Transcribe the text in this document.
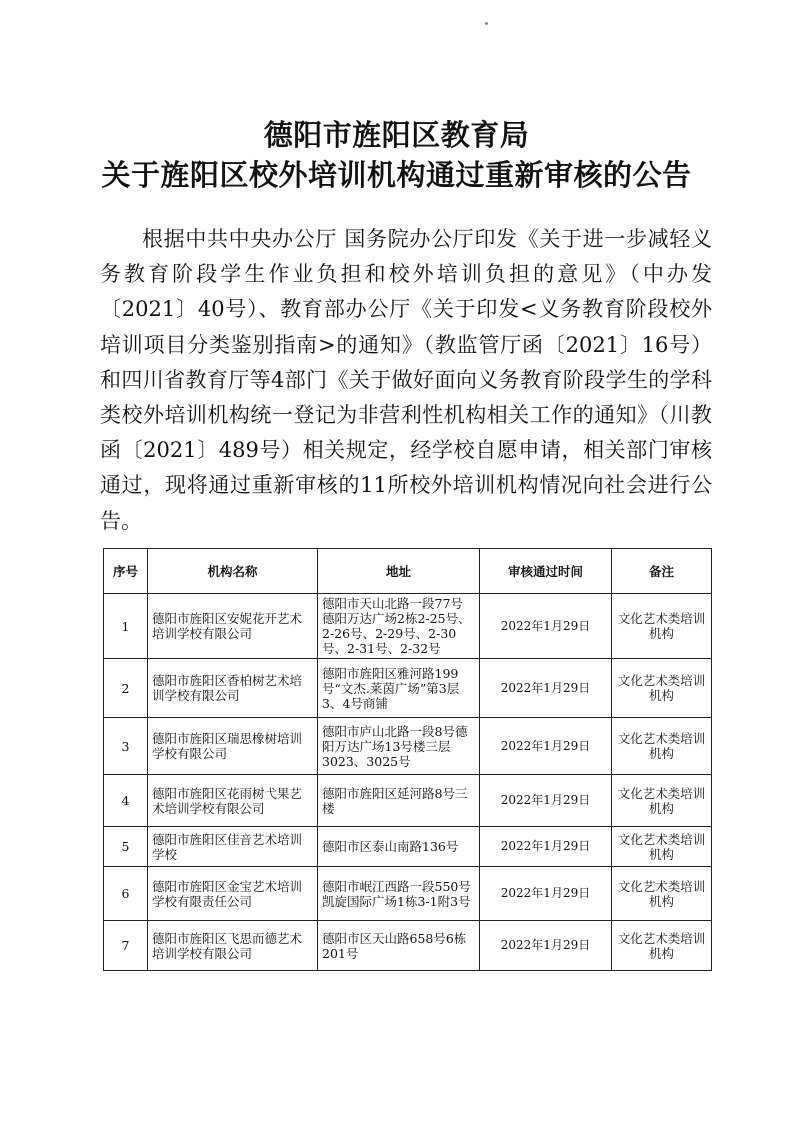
德阳市旌阳区教育局
关于旌阳区校外培训机构通过重新审核的公告

根据中共中央办公厅 国务院办公厅印发《关于进一步减轻义务教育阶段学生作业负担和校外培训负担的意见》（中办发〔2021〕40号）、教育部办公厅《关于印发<义务教育阶段校外培训项目分类鉴别指南>的通知》（教监管厅函〔2021〕16号）和四川省教育厅等4部门《关于做好面向义务教育阶段学生的学科类校外培训机构统一登记为非营利性机构相关工作的通知》（川教函〔2021〕489号）相关规定，经学校自愿申请，相关部门审核通过，现将通过重新审核的11所校外培训机构情况向社会进行公告。

序号	机构名称	地址	审核通过时间	备注
1	德阳市旌阳区安妮花开艺术培训学校有限公司	德阳市天山北路一段77号德阳万达广场2栋2-25号、2-26号、2-29号、2-30号、2-31号、2-32号	2022年1月29日	文化艺术类培训机构
2	德阳市旌阳区香柏树艺术培训学校有限公司	德阳市旌阳区雅河路199号“文杰.莱茵广场”第3层3、4号商铺	2022年1月29日	文化艺术类培训机构
3	德阳市旌阳区瑞思橡树培训学校有限公司	德阳市庐山北路一段8号德阳万达广场13号楼三层3023、3025号	2022年1月29日	文化艺术类培训机构
4	德阳市旌阳区花雨树弋果艺术培训学校有限公司	德阳市旌阳区延河路8号三楼	2022年1月29日	文化艺术类培训机构
5	德阳市旌阳区佳音艺术培训学校	德阳市区泰山南路136号	2022年1月29日	文化艺术类培训机构
6	德阳市旌阳区金宝艺术培训学校有限责任公司	德阳市岷江西路一段550号凯旋国际广场1栋3-1附3号	2022年1月29日	文化艺术类培训机构
7	德阳市旌阳区飞思而德艺术培训学校有限公司	德阳市区天山路658号6栋201号	2022年1月29日	文化艺术类培训机构
